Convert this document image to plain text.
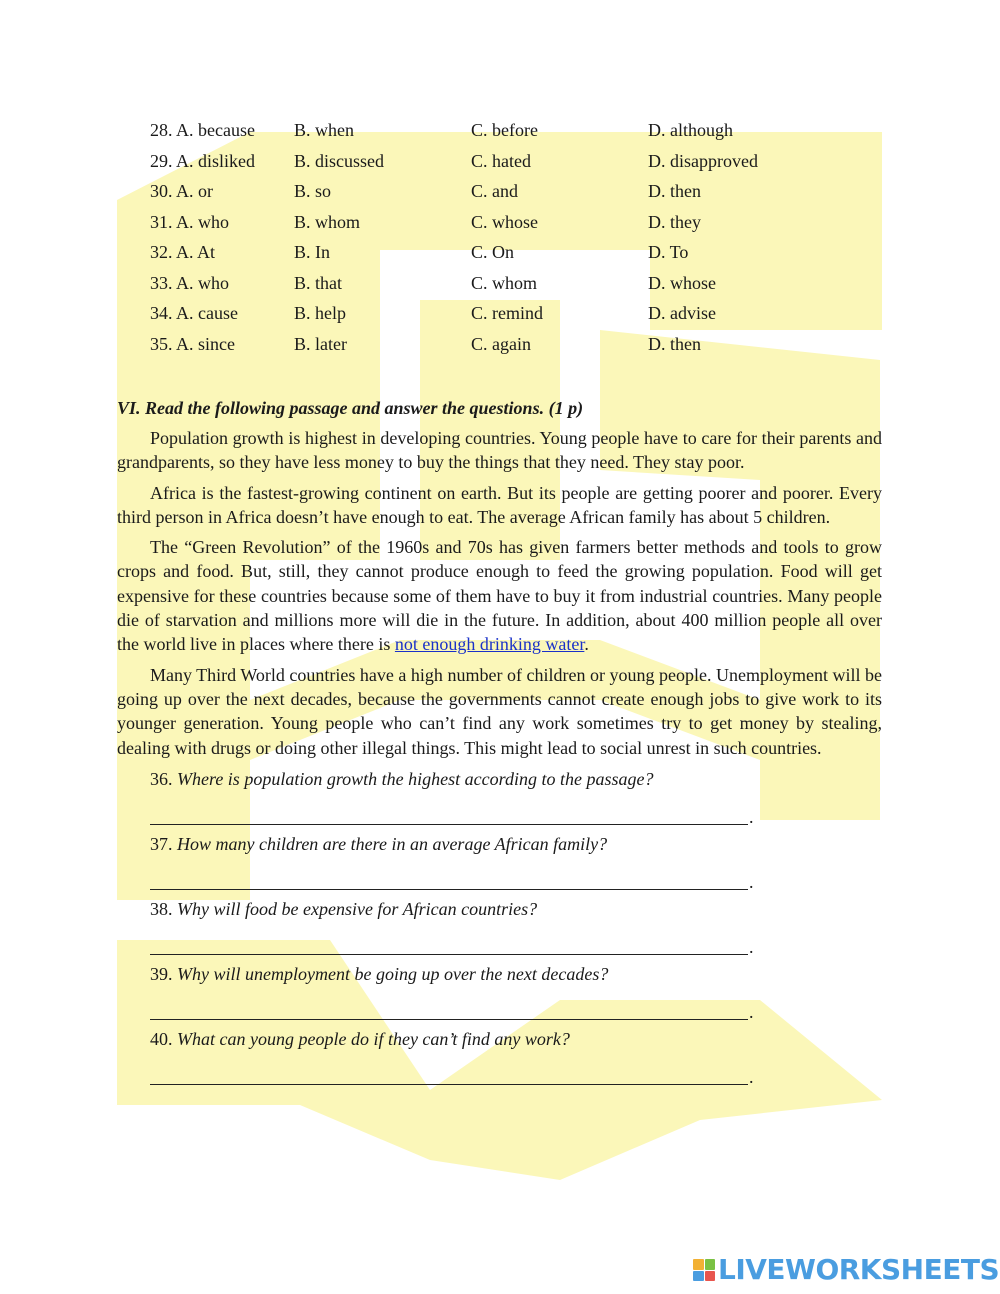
28. A. because	B. when	C. before	D. although
29. A. disliked	B. discussed	C. hated	D. disapproved
30. A. or	B. so	C. and	D. then
31. A. who	B. whom	C. whose	D. they
32. A. At	B. In	C. On	D. To
33. A. who	B. that	C. whom	D. whose
34. A. cause	B. help	C. remind	D. advise
35. A. since	B. later	C. again	D. then
VI. Read the following passage and answer the questions. (1 p)

Population growth is highest in developing countries. Young people have to care for their parents and grandparents, so they have less money to buy the things that they need. They stay poor.

Africa is the fastest-growing continent on earth. But its people are getting poorer and poorer. Every third person in Africa doesn’t have enough to eat. The average African family has about 5 children.

The “Green Revolution” of the 1960s and 70s has given farmers better methods and tools to grow crops and food. But, still, they cannot produce enough to feed the growing population. Food will get expensive for these countries because some of them have to buy it from industrial countries. Many people die of starvation and millions more will die in the future. In addition, about 400 million people all over the world live in places where there is not enough drinking water.

Many Third World countries have a high number of children or young people. Unemployment will be going up over the next decades, because the governments cannot create enough jobs to give work to its younger generation. Young people who can’t find any work sometimes try to get money by stealing, dealing with drugs or doing other illegal things. This might lead to social unrest in such countries.

36. Where is population growth the highest according to the passage?
.
37. How many children are there in an average African family?
.
38. Why will food be expensive for African countries?
.
39. Why will unemployment be going up over the next decades?
.
40. What can young people do if they can’t find any work?
.
LIVEWORKSHEETS
